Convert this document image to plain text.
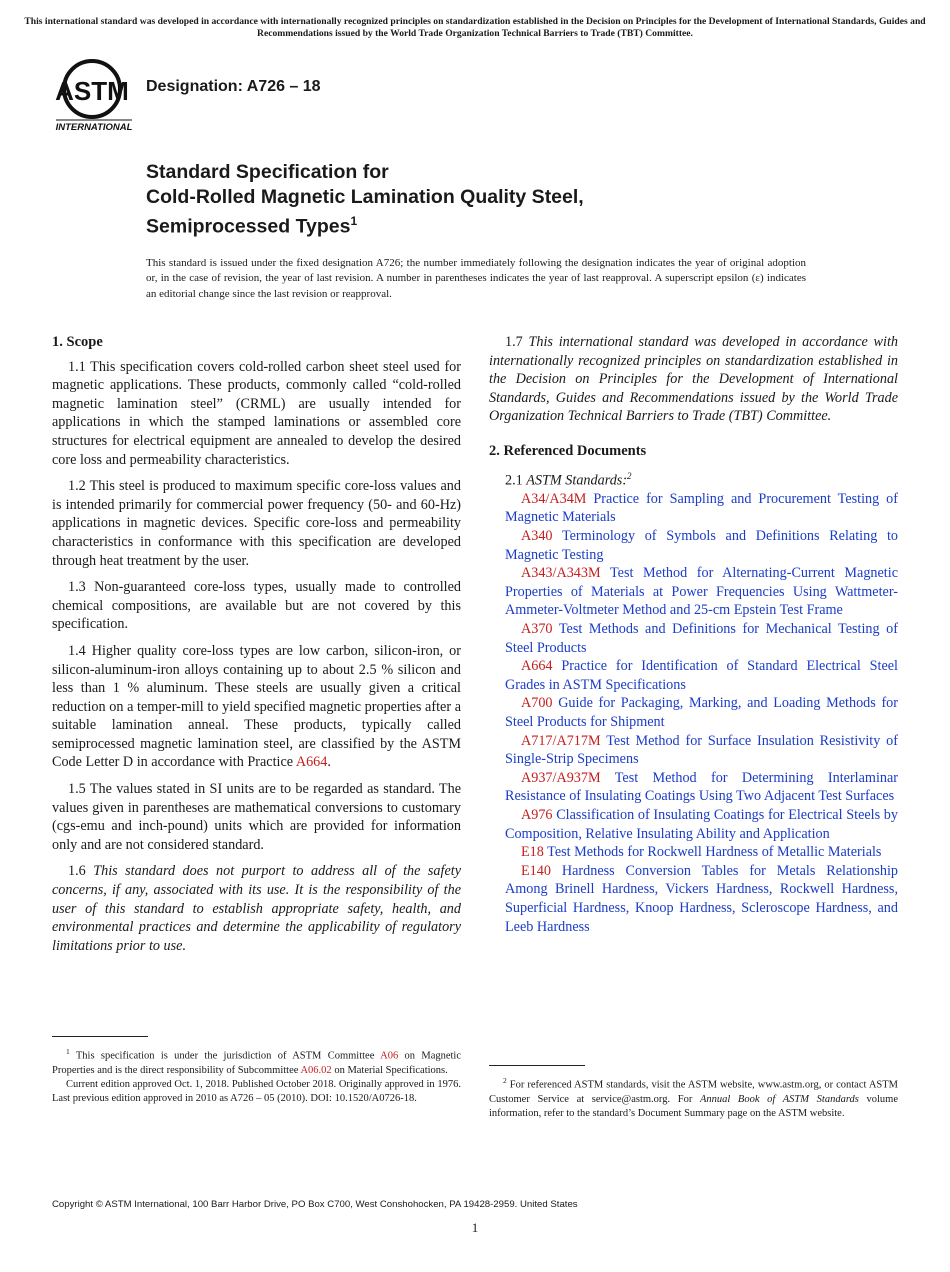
This international standard was developed in accordance with internationally recognized principles on standardization established in the Decision on Principles for the Development of International Standards, Guides and Recommendations issued by the World Trade Organization Technical Barriers to Trade (TBT) Committee.
ASTM
INTERNATIONAL
Designation: A726 – 18
Standard Specification for
Cold-Rolled Magnetic Lamination Quality Steel,
Semiprocessed Types$^1$
This standard is issued under the fixed designation A726; the number immediately following the designation indicates the year of original adoption or, in the case of revision, the year of last revision. A number in parentheses indicates the year of last reapproval. A superscript epsilon (ε) indicates an editorial change since the last revision or reapproval.
1. Scope

1.1 This specification covers cold-rolled carbon sheet steel used for magnetic applications. These products, commonly called “cold-rolled magnetic lamination steel” (CRML) are usually intended for applications in which the stamped laminations or assembled core structures for electrical equipment are annealed to develop the desired core loss and permeability characteristics.

1.2 This steel is produced to maximum specific core-loss values and is intended primarily for commercial power frequency (50- and 60-Hz) applications in magnetic devices. Specific core-loss and permeability characteristics in conformance with this specification are developed through heat treatment by the user.

1.3 Non-guaranteed core-loss types, usually made to controlled chemical compositions, are available but are not covered by this specification.

1.4 Higher quality core-loss types are low carbon, silicon-iron, or silicon-aluminum-iron alloys containing up to about 2.5 % silicon and less than 1 % aluminum. These steels are usually given a critical reduction on a temper-mill to yield specified magnetic properties after a suitable lamination anneal. These products, typically called semiprocessed magnetic lamination steel, are classified by the ASTM Code Letter D in accordance with Practice A664.

1.5 The values stated in SI units are to be regarded as standard. The values given in parentheses are mathematical conversions to customary (cgs-emu and inch-pound) units which are provided for information only and are not considered standard.

1.6 This standard does not purport to address all of the safety concerns, if any, associated with its use. It is the responsibility of the user of this standard to establish appropriate safety, health, and environmental practices and determine the applicability of regulatory limitations prior to use.

1.7 This international standard was developed in accordance with internationally recognized principles on standardization established in the Decision on Principles for the Development of International Standards, Guides and Recommendations issued by the World Trade Organization Technical Barriers to Trade (TBT) Committee.

2. Referenced Documents

2.1 ASTM Standards:$^2$

A34/A34M Practice for Sampling and Procurement Testing of Magnetic Materials

A340 Terminology of Symbols and Definitions Relating to Magnetic Testing

A343/A343M Test Method for Alternating-Current Magnetic Properties of Materials at Power Frequencies Using Wattmeter-Ammeter-Voltmeter Method and 25-cm Epstein Test Frame

A370 Test Methods and Definitions for Mechanical Testing of Steel Products

A664 Practice for Identification of Standard Electrical Steel Grades in ASTM Specifications

A700 Guide for Packaging, Marking, and Loading Methods for Steel Products for Shipment

A717/A717M Test Method for Surface Insulation Resistivity of Single-Strip Specimens

A937/A937M Test Method for Determining Interlaminar Resistance of Insulating Coatings Using Two Adjacent Test Surfaces

A976 Classification of Insulating Coatings for Electrical Steels by Composition, Relative Insulating Ability and Application

E18 Test Methods for Rockwell Hardness of Metallic Materials

E140 Hardness Conversion Tables for Metals Relationship Among Brinell Hardness, Vickers Hardness, Rockwell Hardness, Superficial Hardness, Knoop Hardness, Scleroscope Hardness, and Leeb Hardness

$^1$ This specification is under the jurisdiction of ASTM Committee A06 on Magnetic Properties and is the direct responsibility of Subcommittee A06.02 on Material Specifications.

Current edition approved Oct. 1, 2018. Published October 2018. Originally approved in 1976. Last previous edition approved in 2010 as A726 – 05 (2010). DOI: 10.1520/A0726-18.

$^2$ For referenced ASTM standards, visit the ASTM website, www.astm.org, or contact ASTM Customer Service at service@astm.org. For Annual Book of ASTM Standards volume information, refer to the standard’s Document Summary page on the ASTM website.

Copyright © ASTM International, 100 Barr Harbor Drive, PO Box C700, West Conshohocken, PA 19428-2959. United States
1
